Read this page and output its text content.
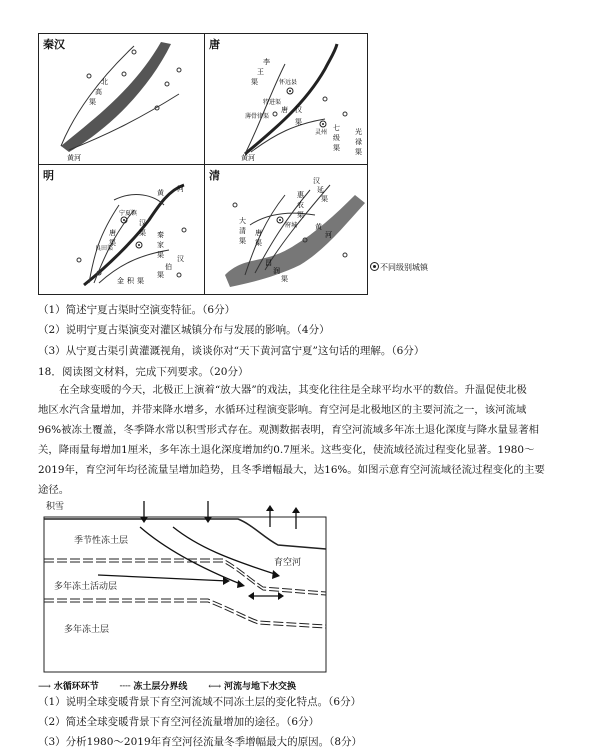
北
高
渠
黄河
秦汉
李
王
渠
汉
唐
渠
特进渠
薄骨律渠
怀远县
灵州
七
级
渠
光
禄
渠
黄河
唐
黄 河
宁夏镇
汉
渠
唐
渠
良田渠
秦
家
渠
金 积 渠
汉
伯
渠
明	汉
延
渠
惠
农
渠
唐
渠
大
清
渠
府城	黄
河
昌
润
渠
清
不同级别城镇
（1）简述宁夏古渠时空演变特征。（6分）
（2）说明宁夏古渠演变对灌区城镇分布与发展的影响。（4分）
（3）从宁夏古渠引黄灌溉视角，谈谈你对“天下黄河富宁夏”这句话的理解。（6分）
18．阅读图文材料，完成下列要求。（20分）

在全球变暖的今天，北极正上演着“放大器”的戏法，其变化往往是全球平均水平的数倍。升温促使北极

地区水汽含量增加，并带来降水增多，水循环过程演变影响。育空河是北极地区的主要河流之一，该河流域

96%被冻土覆盖，冬季降水常以积雪形式存在。观测数据表明，育空河流域多年冻土退化深度与降水量显著相

关，降雨量每增加1厘米，多年冻土退化深度增加约0.7厘米。这些变化，使流域径流过程变化显著。1980～

2019年，育空河年均径流量呈增加趋势，且冬季增幅最大，达16%。如图示意育空河流域径流过程变化的主要

途径。

积雪
季节性冻土层
多年冻土活动层
多年冻土层
育空河
⟶ 水循环环节 ╌╌ 冻土层分界线 ⟷ 河流与地下水交换
（1）说明全球变暖背景下育空河流域不同冻土层的变化特点。（6分）
（2）简述全球变暖背景下育空河径流量增加的途径。（6分）
（3）分析1980～2019年育空河径流量冬季增幅最大的原因。（8分）
